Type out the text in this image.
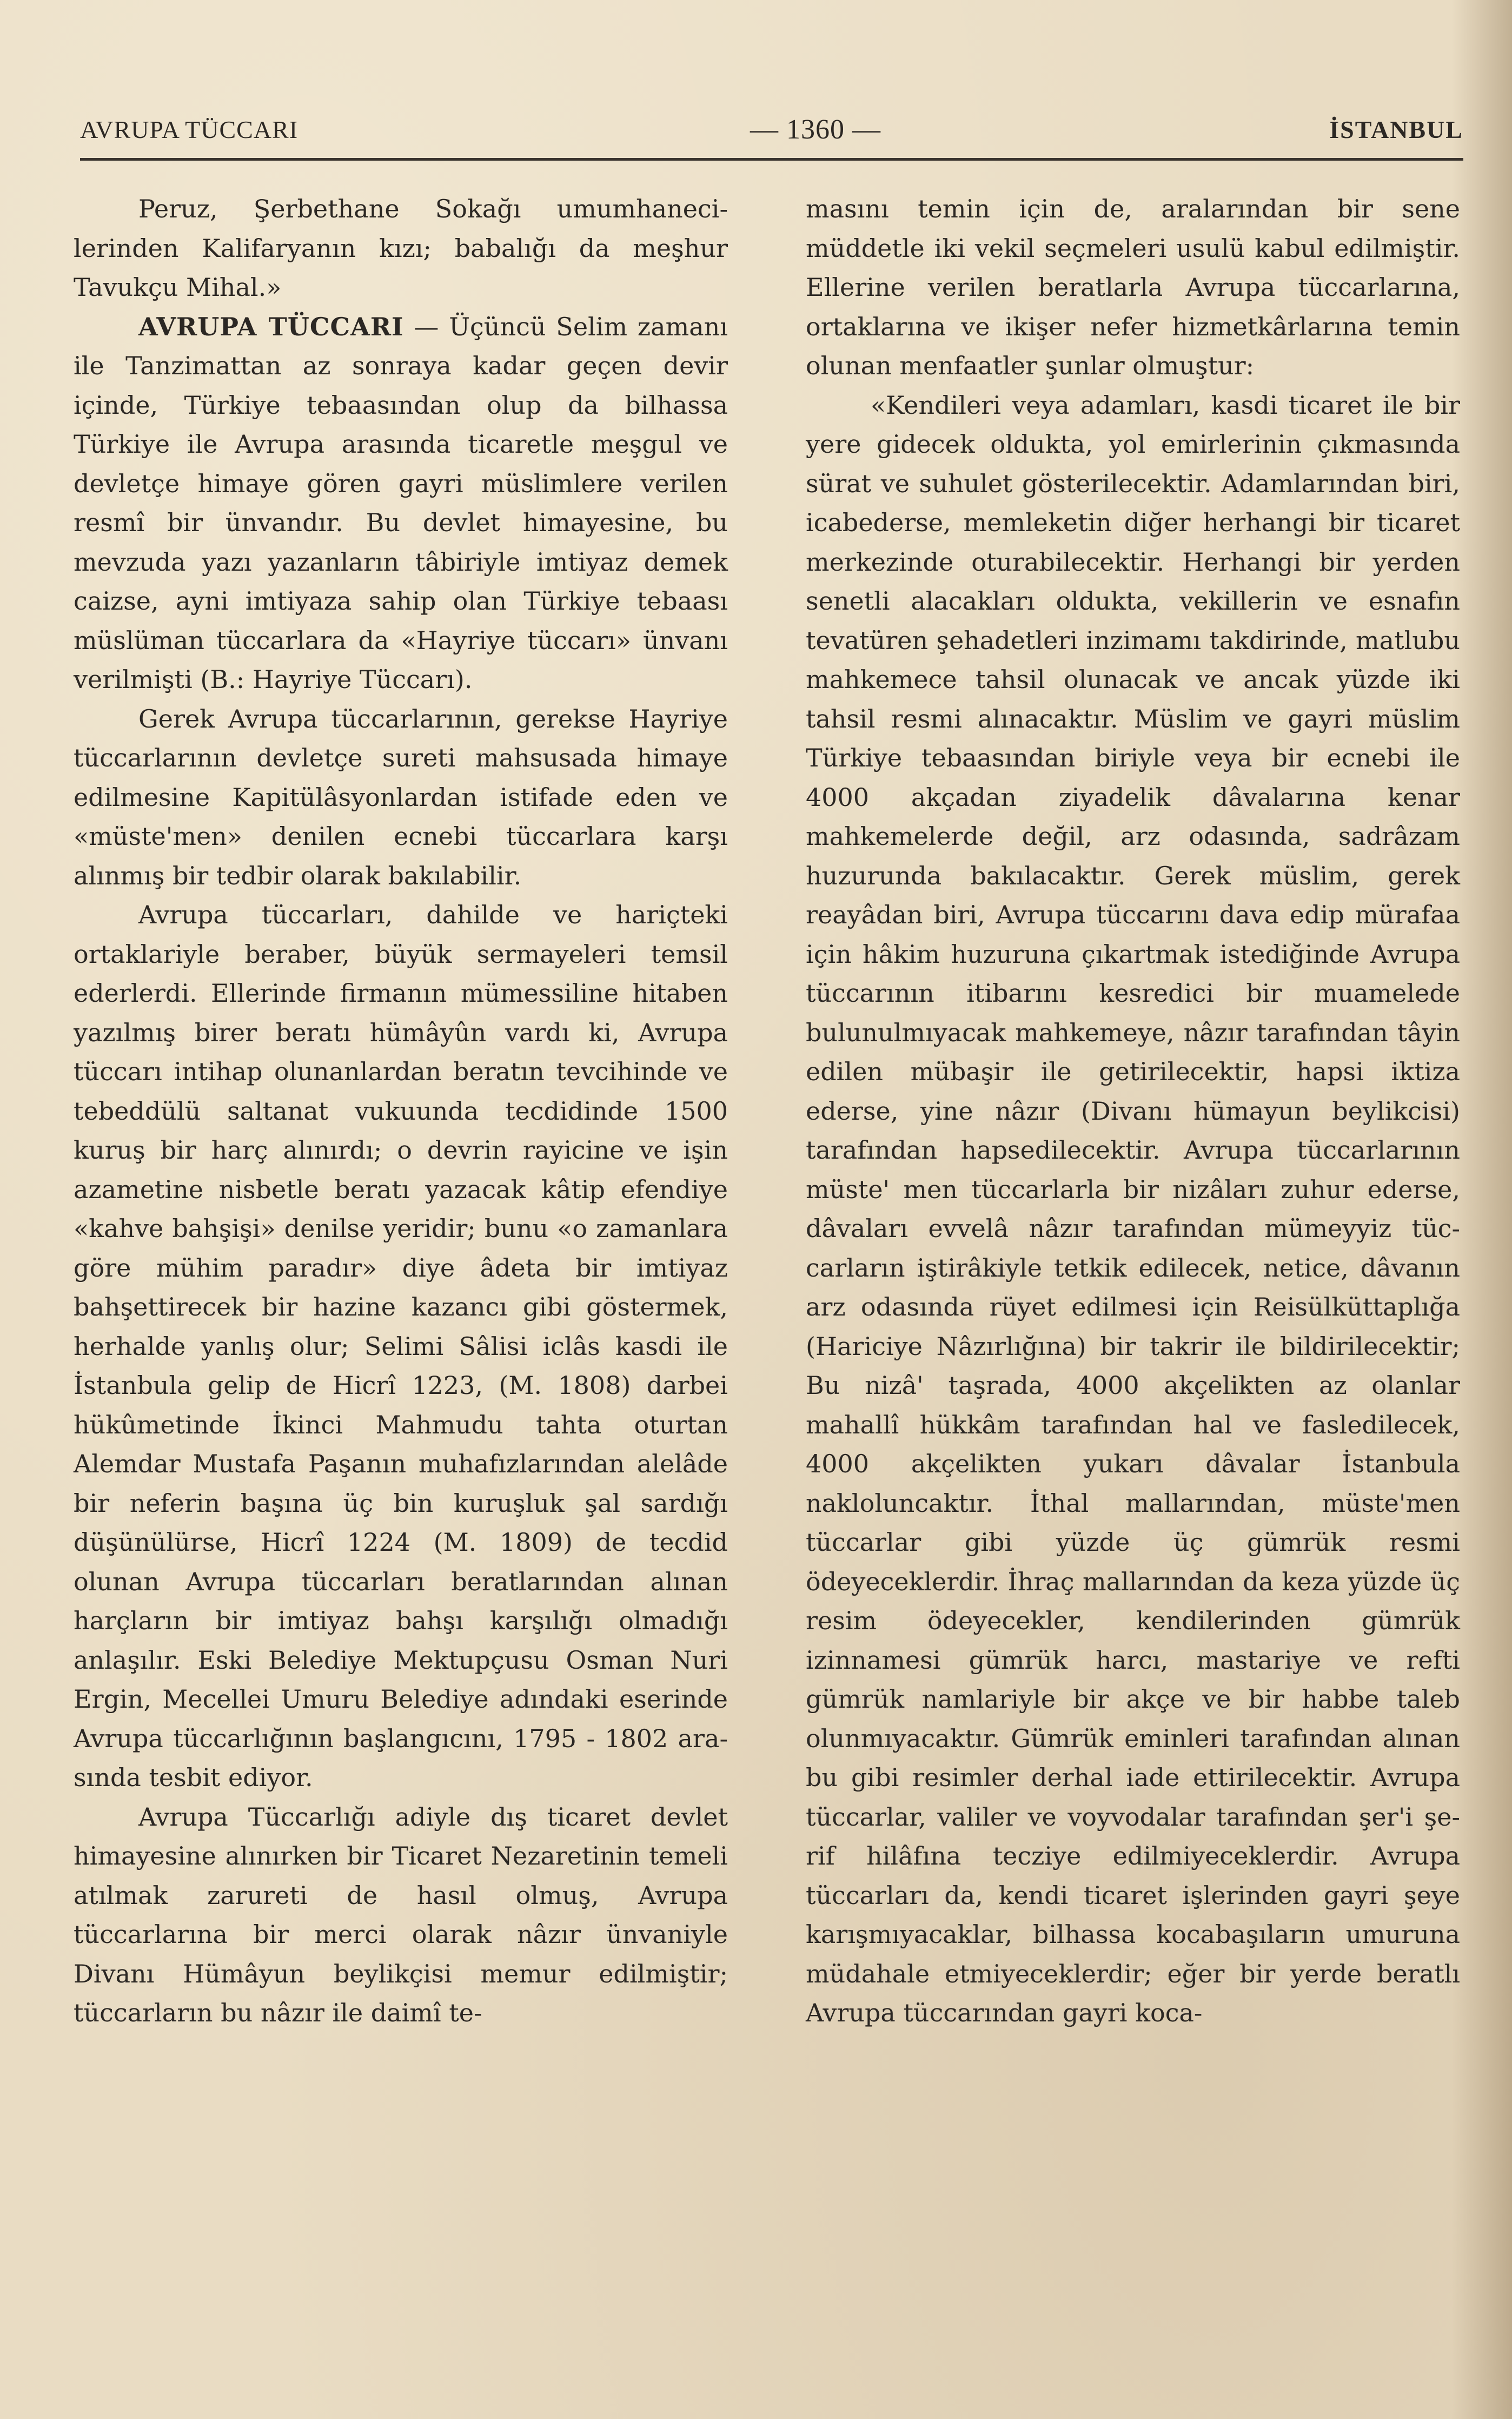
AVRUPA TÜCCARI	— 1360 —	İSTANBUL

Peruz, Şerbethane Sokağı umumhanecilerinden Kalifaryanın kızı; babalığı da meşhur Tavukçu Mihal.»

AVRUPA TÜCCARI — Üçüncü Selim zamanı ile Tanzimattan az sonraya kadar geçen devir içinde, Türkiye tebaasından olup da bilhassa Türkiye ile Avrupa arasında ticaretle meşgul ve devletçe himaye gören gayri müslimlere verilen resmî bir ünvandır. Bu devlet himayesine, bu mevzuda yazı yazanların tâbiriyle imtiyaz demek caizse, ayni imtiyaza sahip olan Türkiye tebaası müslüman tüccarlara da «Hayriye tüccarı» ünvanı verilmişti (B.: Hayriye Tüccarı).

Gerek Avrupa tüccarlarının, gerekse Hayriye tüccarlarının devletçe sureti mahsusada himaye edilmesine Kapitülâsyonlardan istifade eden ve «müste'men» denilen ecnebi tüccarlara karşı alınmış bir tedbir olarak bakılabilir.

Avrupa tüccarları, dahilde ve hariçteki ortaklariyle beraber, büyük sermayeleri temsil ederlerdi. Ellerinde firmanın mümessiline hitaben yazılmış birer beratı hümâyûn vardı ki, Avrupa tüccarı intihap olunanlardan beratın tevcihinde ve tebeddülü saltanat vukuunda tecdidinde 1500 kuruş bir harç alınırdı; o devrin rayicine ve işin azametine nisbetle beratı yazacak kâtip efendiye «kahve bahşişi» denilse yeridir; bunu «o zamanlara göre mühim paradır» diye âdeta bir imtiyaz bahşettirecek bir hazine kazancı gibi göstermek, herhalde yanlış olur; Selimi Sâlisi iclâs kasdi ile İstanbula gelip de Hicrî 1223, (M. 1808) darbei hükûmetinde İkinci Mahmudu tahta oturtan Alemdar Mustafa Paşanın muhafızlarından alelâde bir neferin başına üç bin kuruşluk şal sardığı düşünülürse, Hicrî 1224 (M. 1809) de tecdid olunan Avrupa tüccarları beratlarından alınan harçların bir imtiyaz bahşı karşılığı olmadığı anlaşılır. Eski Belediye Mektupçusu Osman Nuri Ergin, Mecellei Umuru Belediye adındaki eserinde Avrupa tüccarlığının başlangıcını, 1795 - 1802 arasında tesbit ediyor.

Avrupa Tüccarlığı adiyle dış ticaret devlet himayesine alınırken bir Ticaret Nezaretinin temeli atılmak zarureti de hasıl olmuş, Avrupa tüccarlarına bir merci olarak nâzır ünvaniyle Divanı Hümâyun beylikçisi memur edilmiştir; tüccarların bu nâzır ile daimî te-

masını temin için de, aralarından bir sene müddetle iki vekil seçmeleri usulü kabul edilmiştir. Ellerine verilen beratlarla Avrupa tüccarlarına, ortaklarına ve ikişer nefer hizmetkârlarına temin olunan menfaatler şunlar olmuştur:

«Kendileri veya adamları, kasdi ticaret ile bir yere gidecek oldukta, yol emirlerinin çıkmasında sürat ve suhulet gösterilecektir. Adamlarından biri, icabederse, memleketin diğer herhangi bir ticaret merkezinde oturabilecektir. Herhangi bir yerden senetli alacakları oldukta, vekillerin ve esnafın tevatüren şehadetleri inzimamı takdirinde, matlubu mahkemece tahsil olunacak ve ancak yüzde iki tahsil resmi alınacaktır. Müslim ve gayri müslim Türkiye tebaasından biriyle veya bir ecnebi ile 4000 akçadan ziyadelik dâvalarına kenar mahkemelerde değil, arz odasında, sadrâzam huzurunda bakılacaktır. Gerek müslim, gerek reayâdan biri, Avrupa tüccarını dava edip mürafaa için hâkim huzuruna çıkartmak istediğinde Avrupa tüccarının itibarını kesredici bir muamelede bulunulmıyacak mahkemeye, nâzır tarafından tâyin edilen mübaşir ile getirilecektir, hapsi iktiza ederse, yine nâzır (Divanı hümayun beylikcisi) tarafından hapsedilecektir. Avrupa tüccarlarının müste' men tüccarlarla bir nizâları zuhur ederse, dâvaları evvelâ nâzır tarafından mümeyyiz tüccarların iştirâkiyle tetkik edilecek, netice, dâvanın arz odasında rüyet edilmesi için Reisülküttaplığa (Hariciye Nâzırlığına) bir takrir ile bildirilecektir; Bu nizâ' taşrada, 4000 akçelikten az olanlar mahallî hükkâm tarafından hal ve fasledilecek, 4000 akçelikten yukarı dâvalar İstanbula nakloluncaktır. İthal mallarından, müste'men tüccarlar gibi yüzde üç gümrük resmi ödeyeceklerdir. İhraç mallarından da keza yüzde üç resim ödeyecekler, kendilerinden gümrük izinnamesi gümrük harcı, mastariye ve refti gümrük namlariyle bir akçe ve bir habbe taleb olunmıyacaktır. Gümrük eminleri tarafından alınan bu gibi resimler derhal iade ettirilecektir. Avrupa tüccarlar, valiler ve voyvodalar tarafından şer'i şerif hilâfına tecziye edilmiyeceklerdir. Avrupa tüccarları da, kendi ticaret işlerinden gayri şeye karışmıyacaklar, bilhassa kocabaşıların umuruna müdahale etmiyeceklerdir; eğer bir yerde beratlı Avrupa tüccarından gayri koca-
